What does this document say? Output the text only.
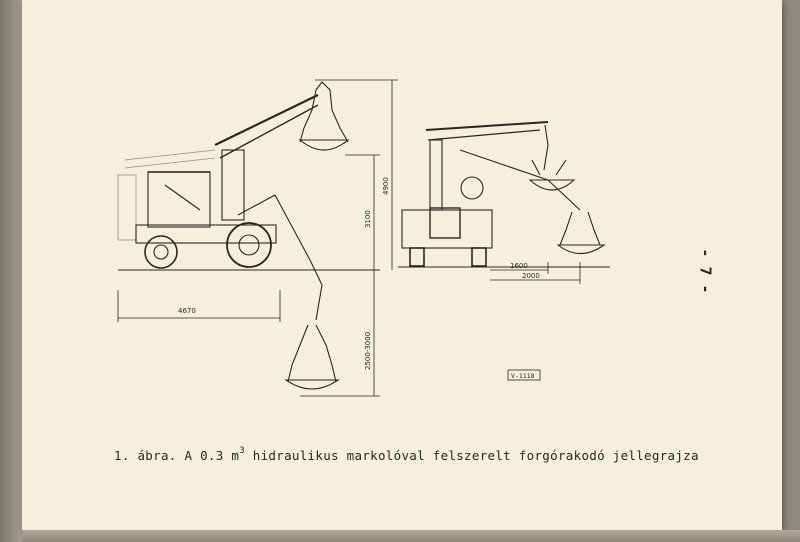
4670
4900
3100
2500-3000
1600
2000
V-1118
1. ábra. A 0.3 $m^3$ hidraulikus markolóval felszerelt forgórakodó jellegrajza
- 7 -
